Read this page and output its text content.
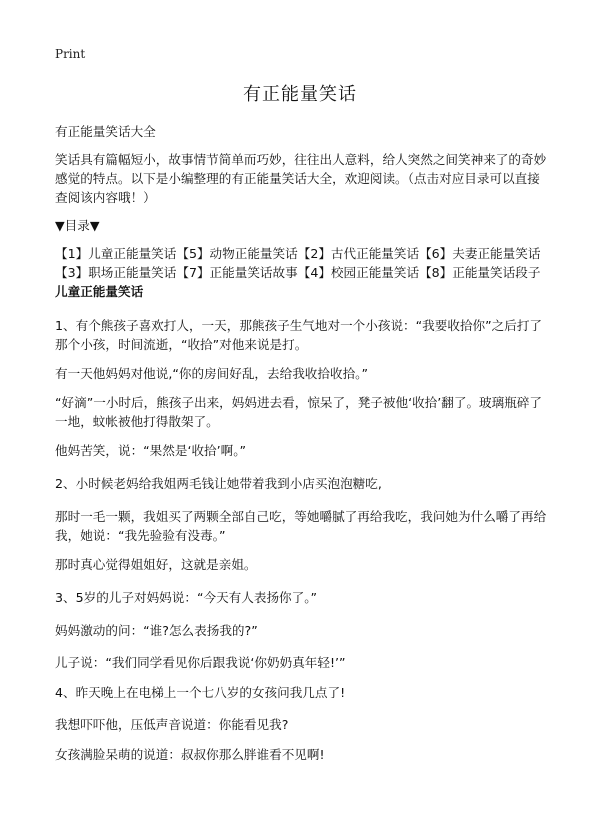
Print
有正能量笑话

有正能量笑话大全

笑话具有篇幅短小，故事情节简单而巧妙，往往出人意料，给人突然之间笑神来了的奇妙感觉的特点。以下是小编整理的有正能量笑话大全，欢迎阅读。（点击对应目录可以直接查阅该内容哦！）

▼目录▼

【1】儿童正能量笑话【5】动物正能量笑话【2】古代正能量笑话【6】夫妻正能量笑话【3】职场正能量笑话【7】正能量笑话故事【4】校园正能量笑话【8】正能量笑话段子儿童正能量笑话

1、有个熊孩子喜欢打人，一天，那熊孩子生气地对一个小孩说：“我要收拾你”之后打了那个小孩，时间流逝，“收拾”对他来说是打。

有一天他妈妈对他说,“你的房间好乱，去给我收拾收拾。”

“好滴”一小时后，熊孩子出来，妈妈进去看，惊呆了，凳子被他‘收拾’翻了。玻璃瓶碎了一地，蚊帐被他打得散架了。

他妈苦笑，说：“果然是‘收拾’啊。”

2、小时候老妈给我姐两毛钱让她带着我到小店买泡泡糖吃,

那时一毛一颗，我姐买了两颗全部自己吃，等她嚼腻了再给我吃，我问她为什么嚼了再给我，她说：“我先验验有没毒。”

那时真心觉得姐姐好，这就是亲姐。

3、5岁的儿子对妈妈说：“今天有人表扬你了。”

妈妈激动的问：“谁?怎么表扬我的?”

儿子说：“我们同学看见你后跟我说‘你奶奶真年轻!’”

4、昨天晚上在电梯上一个七八岁的女孩问我几点了!

我想吓吓他，压低声音说道：你能看见我?

女孩满脸呆萌的说道：叔叔你那么胖谁看不见啊!
